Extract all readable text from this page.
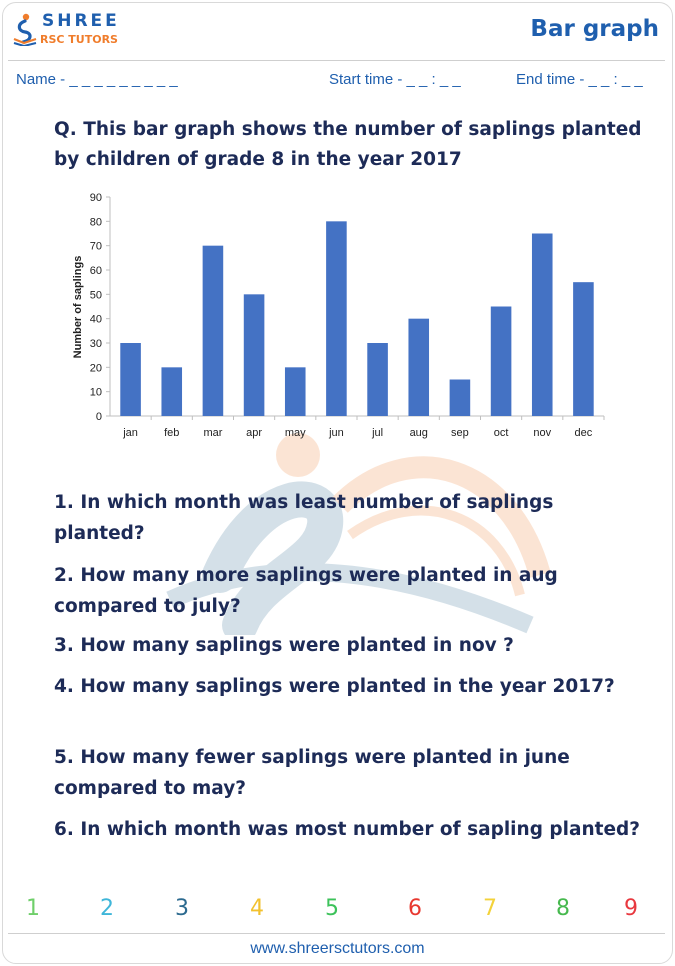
SHREE
RSC TUTORS	Bar graph
Name - _ _ _ _ _ _ _ _ _	Start time - _ _ : _ _	End time - _ _ : _ _
Q. This bar graph shows the number of saplings planted by children of grade 8 in the year 2017
Number of saplings
0
10
20
30
40
50
60
70
80
90
jan feb mar apr may jun	jul aug sep oct nov dec
1. In which month was least number of saplings planted?
2. How many more saplings were planted in aug compared to july?
3. How many saplings were planted in nov ?
4. How many saplings were planted in the year 2017?
5. How many fewer saplings were planted in june compared to may?
6. In which month was most number of sapling planted?
1	2	3	4	5	6	7	8 9
www.shreersctutors.com
